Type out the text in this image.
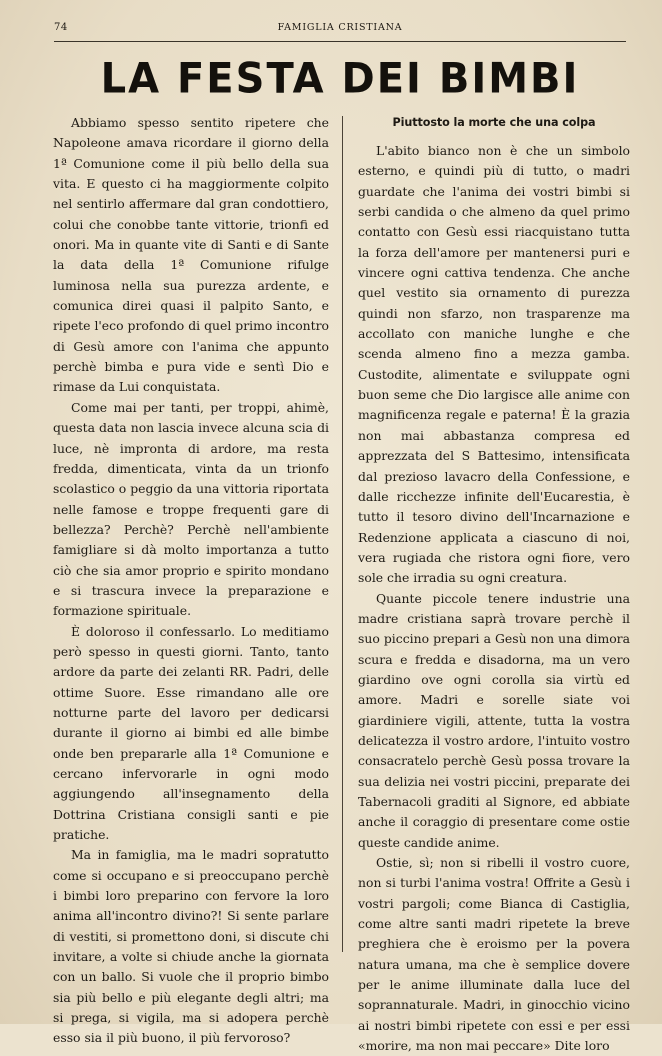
74	FAMIGLIA CRISTIANA
LA FESTA DEI BIMBI

Abbiamo spesso sentito ripetere che Napoleone amava ricordare il giorno della 1ª Comunione come il più bello della sua vita. E questo ci ha maggiormente colpito nel sentirlo affermare dal gran condottiero, colui che conobbe tante vittorie, trionfi ed onori. Ma in quante vite di Santi e di Sante la data della 1ª Comunione rifulge luminosa nella sua purezza ardente, e comunica direi quasi il palpito Santo, e ripete l'eco profondo di quel primo incontro di Gesù amore con l'anima che appunto perchè bimba e pura vide e sentì Dio e rimase da Lui conquistata.

Come mai per tanti, per troppi, ahimè, questa data non lascia invece alcuna scia di luce, nè impronta di ardore, ma resta fredda, dimenticata, vinta da un trionfo scolastico o peggio da una vittoria riportata nelle famose e troppe frequenti gare di bellezza? Perchè? Perchè nell'ambiente famigliare si dà molto importanza a tutto ciò che sia amor proprio e spirito mondano e si trascura invece la preparazione e formazione spirituale.

È doloroso il confessarlo. Lo meditiamo però spesso in questi giorni. Tanto, tanto ardore da parte dei zelanti RR. Padri, delle ottime Suore. Esse rimandano alle ore notturne parte del lavoro per dedicarsi durante il giorno ai bimbi ed alle bimbe onde ben prepararle alla 1ª Comunione e cercano infervorarle in ogni modo aggiungendo all'insegnamento della Dottrina Cristiana consigli santi e pie pratiche.

Ma in famiglia, ma le madri sopratutto come si occupano e si preoccupano perchè i bimbi loro preparino con fervore la loro anima all'incontro divino?! Si sente parlare di vestiti, si promettono doni, si discute chi invitare, a volte si chiude anche la giornata con un ballo. Si vuole che il proprio bimbo sia più bello e più elegante degli altri; ma si prega, si vigila, ma si adopera perchè esso sia il più buono, il più fervoroso?

Piuttosto la morte che una colpa

L'abito bianco non è che un simbolo esterno, e quindi più di tutto, o madri guardate che l'anima dei vostri bimbi si serbi candida o che almeno da quel primo contatto con Gesù essi riacquistano tutta la forza dell'amore per mantenersi puri e vincere ogni cattiva tendenza. Che anche quel vestito sia ornamento di purezza quindi non sfarzo, non trasparenze ma accollato con maniche lunghe e che scenda almeno fino a mezza gamba. Custodite, alimentate e sviluppate ogni buon seme che Dio largisce alle anime con magnificenza regale e paterna! È la grazia non mai abbastanza compresa ed apprezzata del S Battesimo, intensificata dal prezioso lavacro della Confessione, e dalle ricchezze infinite dell'Eucarestia, è tutto il tesoro divino dell'Incarnazione e Redenzione applicata a ciascuno di noi, vera rugiada che ristora ogni fiore, vero sole che irradia su ogni creatura.

Quante piccole tenere industrie una madre cristiana saprà trovare perchè il suo piccino prepari a Gesù non una dimora scura e fredda e disadorna, ma un vero giardino ove ogni corolla sia virtù ed amore. Madri e sorelle siate voi giardiniere vigili, attente, tutta la vostra delicatezza il vostro ardore, l'intuito vostro consacratelo perchè Gesù possa trovare la sua delizia nei vostri piccini, preparate dei Tabernacoli graditi al Signore, ed abbiate anche il coraggio di presentare come ostie queste candide anime.

Ostie, sì; non si ribelli il vostro cuore, non si turbi l'anima vostra! Offrite a Gesù i vostri pargoli; come Bianca di Castiglia, come altre santi madri ripetete la breve preghiera che è eroismo per la povera natura umana, ma che è semplice dovere per le anime illuminate dalla luce del soprannaturale. Madri, in ginocchio vicino ai nostri bimbi ripetete con essi e per essi «morire, ma non mai peccare» Dite loro
